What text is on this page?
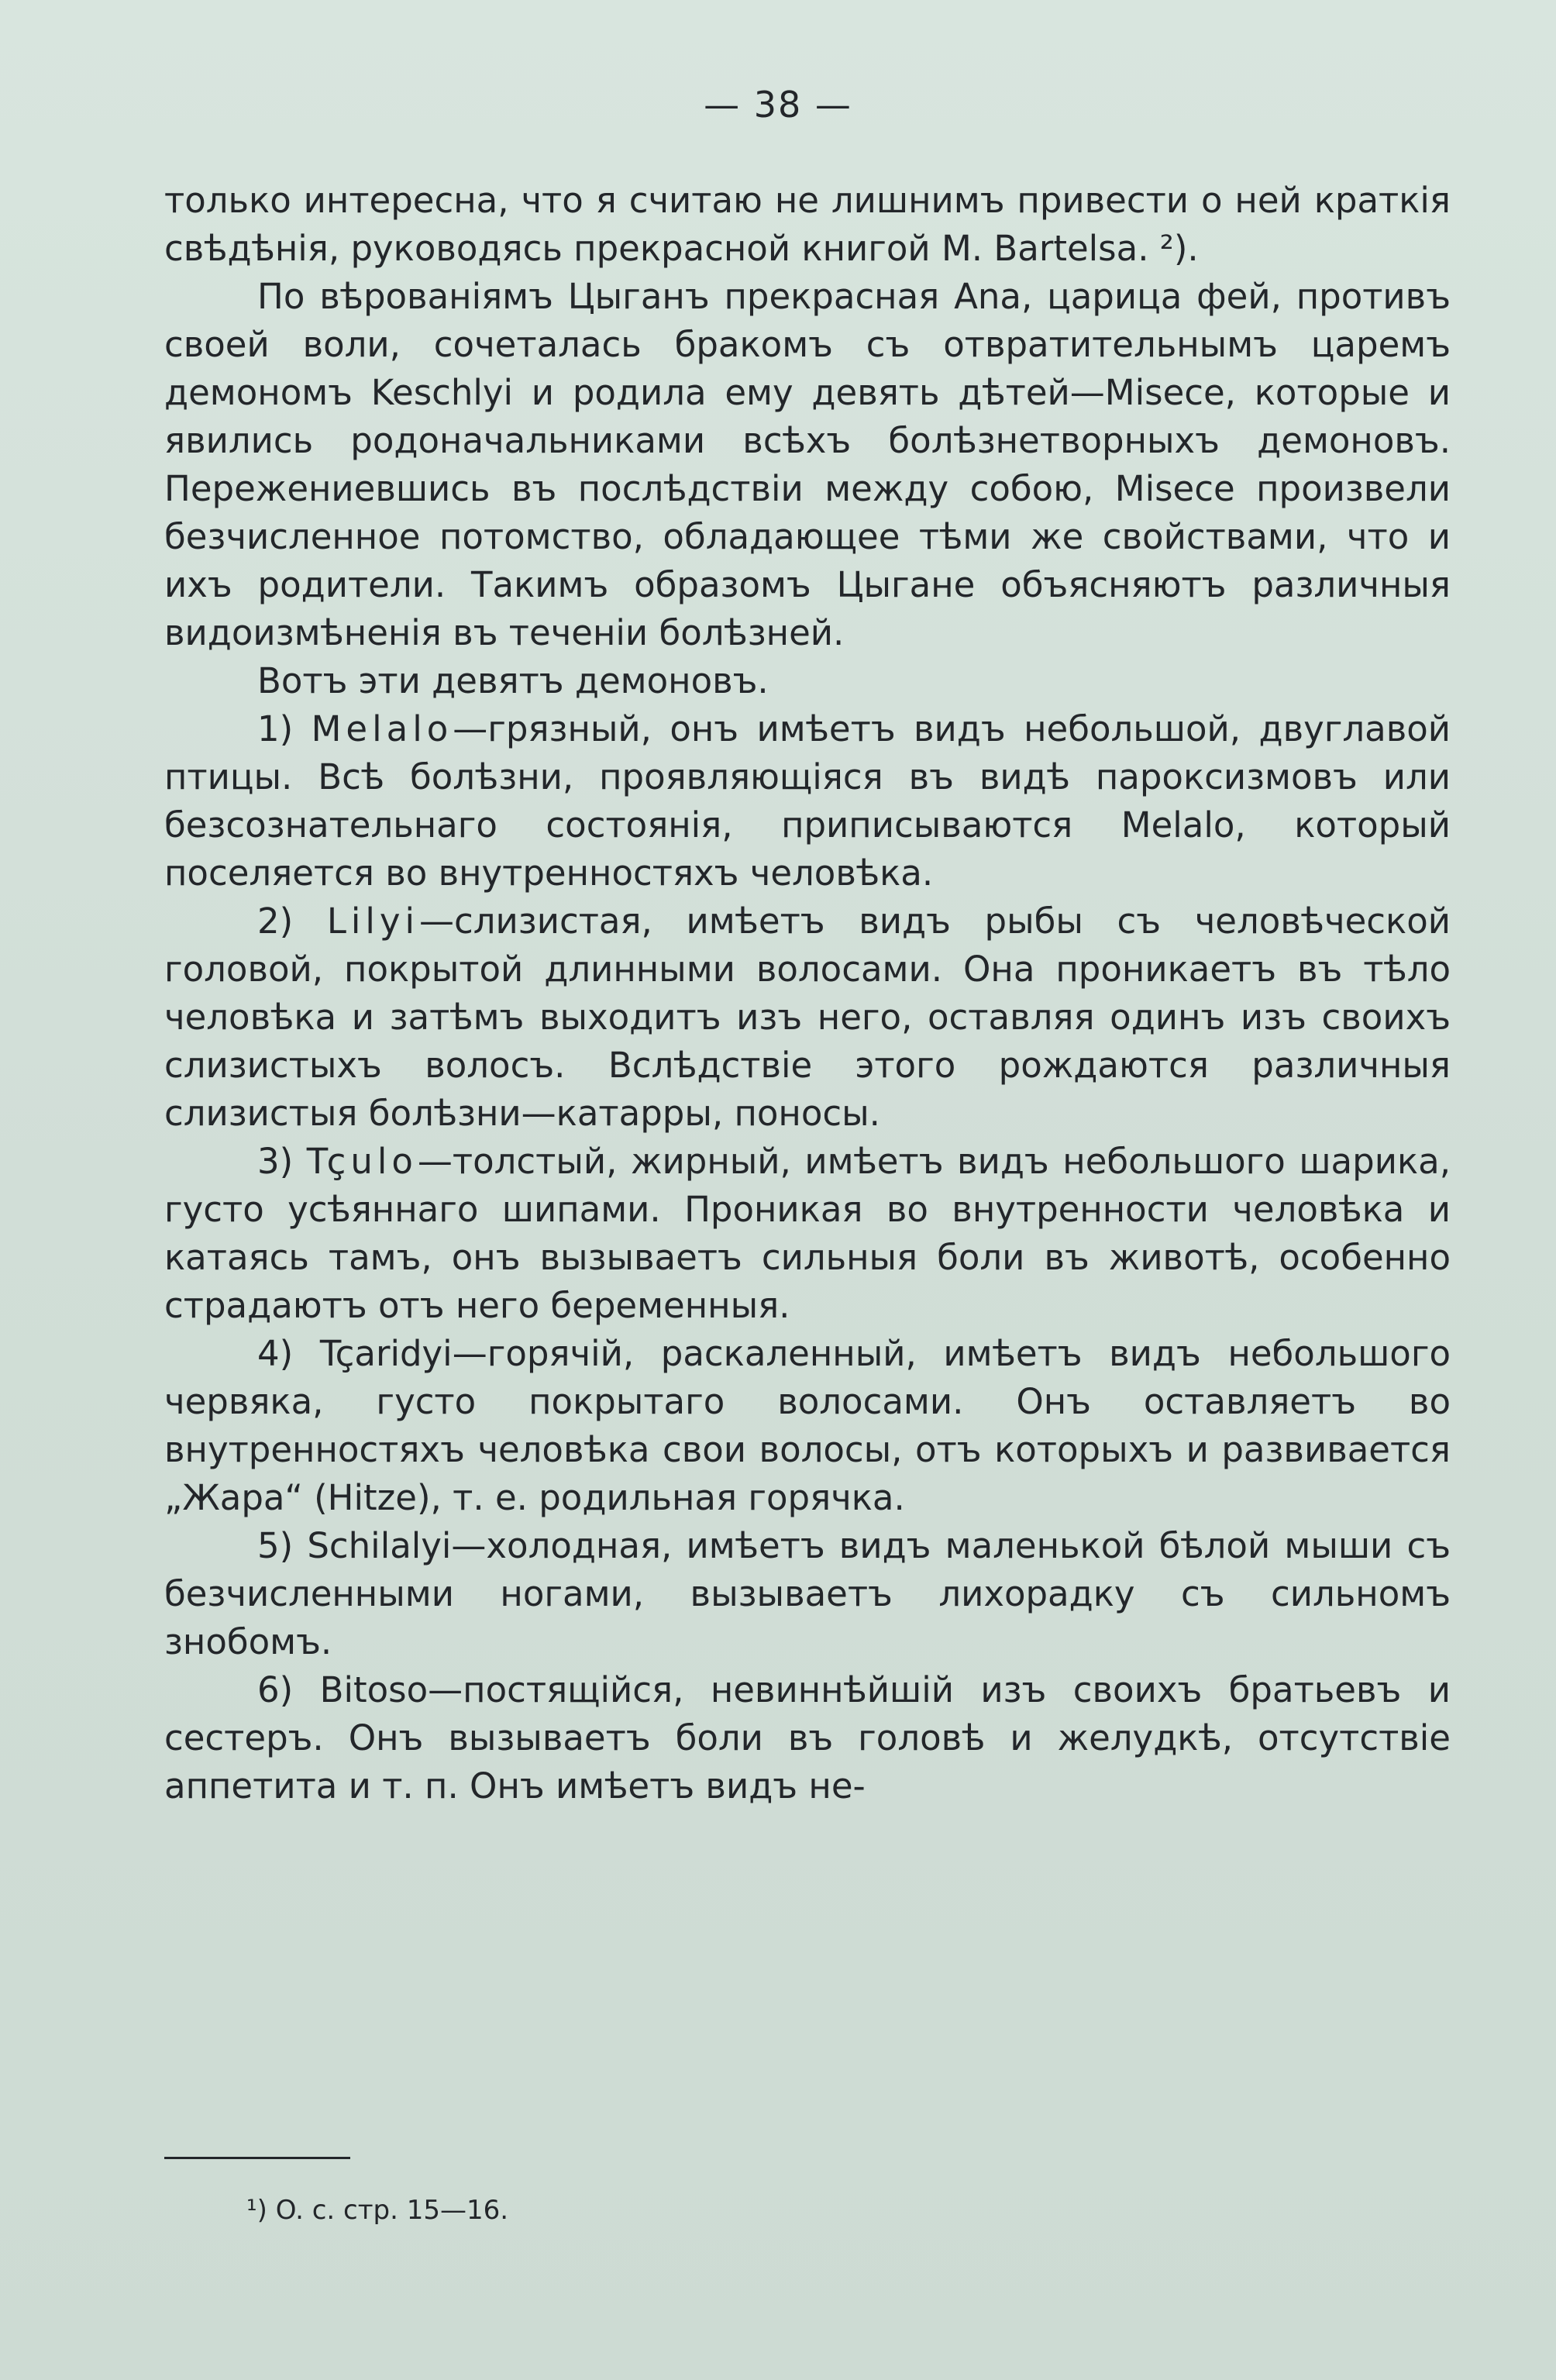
— 38 —

только интересна, что я считаю не лишнимъ привести о ней краткія свѣдѣнія, руководясь прекрасной книгой M. Bartelsa. ²).

По вѣрованіямъ Цыганъ прекрасная Ana, царица фей, противъ своей воли, сочеталась бракомъ съ отвратительнымъ царемъ демономъ Keschlyi и родила ему девять дѣтей—Misece, которые и явились родоначальниками всѣхъ болѣзнетворныхъ демоновъ. Пережениевшись въ послѣдствіи между собою, Misece произвели безчисленное потомство, обладающее тѣми же свойствами, что и ихъ родители. Такимъ образомъ Цыгане объясняютъ различныя видоизмѣненія въ теченіи болѣзней.

Вотъ эти девятъ демоновъ.

1) Melalo—грязный, онъ имѣетъ видъ небольшой, двуглавой птицы. Всѣ болѣзни, проявляющіяся въ видѣ пароксизмовъ или безсознательнаго состоянія, приписываются Melalo, который поселяется во внутренностяхъ человѣка.

2) Lilyi—слизистая, имѣетъ видъ рыбы съ человѣческой головой, покрытой длинными волосами. Она проникаетъ въ тѣло человѣка и затѣмъ выходитъ изъ него, оставляя одинъ изъ своихъ слизистыхъ волосъ. Вслѣдствіе этого рождаются различныя слизистыя болѣзни—катарры, поносы.

3) Tçulo—толстый, жирный, имѣетъ видъ небольшого шарика, густо усѣяннаго шипами. Проникая во внутренности человѣка и катаясь тамъ, онъ вызываетъ сильныя боли въ животѣ, особенно страдаютъ отъ него беременныя.

4) Tçaridyi—горячій, раскаленный, имѣетъ видъ небольшого червяка, густо покрытаго волосами. Онъ оставляетъ во внутренностяхъ человѣка свои волосы, отъ которыхъ и развивается „Жара“ (Hitze), т. е. родильная горячка.

5) Schilalyi—холодная, имѣетъ видъ маленькой бѣлой мыши съ безчисленными ногами, вызываетъ лихорадку съ сильномъ знобомъ.

6) Bitoso—постящійся, невиннѣйшій изъ своихъ братьевъ и сестеръ. Онъ вызываетъ боли въ головѣ и желудкѣ, отсутствіе аппетита и т. п. Онъ имѣетъ видъ не-

¹) O. c. стр. 15—16.
